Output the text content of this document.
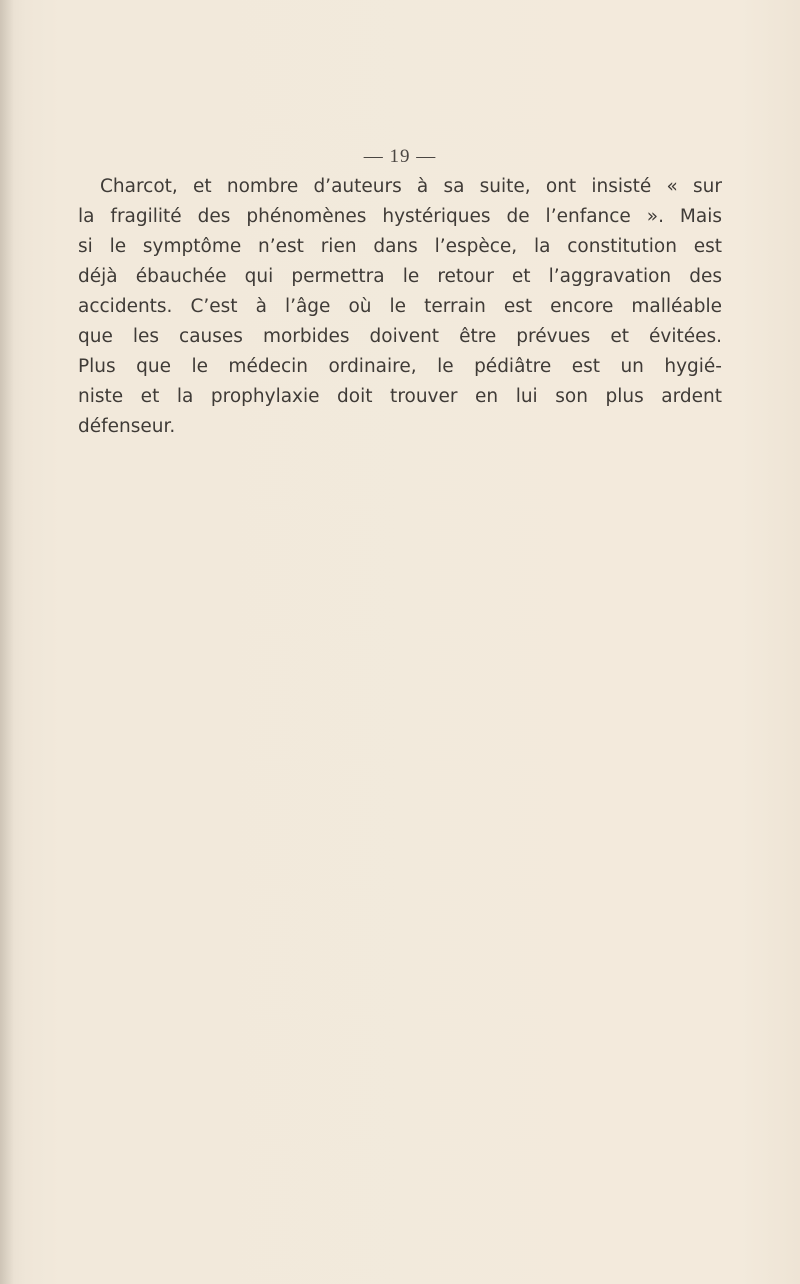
— 19 —
Charcot, et nombre d’auteurs à sa suite, ont insisté « sur
la fragilité des phénomènes hystériques de l’enfance ». Mais
si le symptôme n’est rien dans l’espèce, la constitution est
déjà ébauchée qui permettra le retour et l’aggravation des
accidents. C’est à l’âge où le terrain est encore malléable
que les causes morbides doivent être prévues et évitées.
Plus que le médecin ordinaire, le pédiâtre est un hygié-
niste et la prophylaxie doit trouver en lui son plus ardent
défenseur.
